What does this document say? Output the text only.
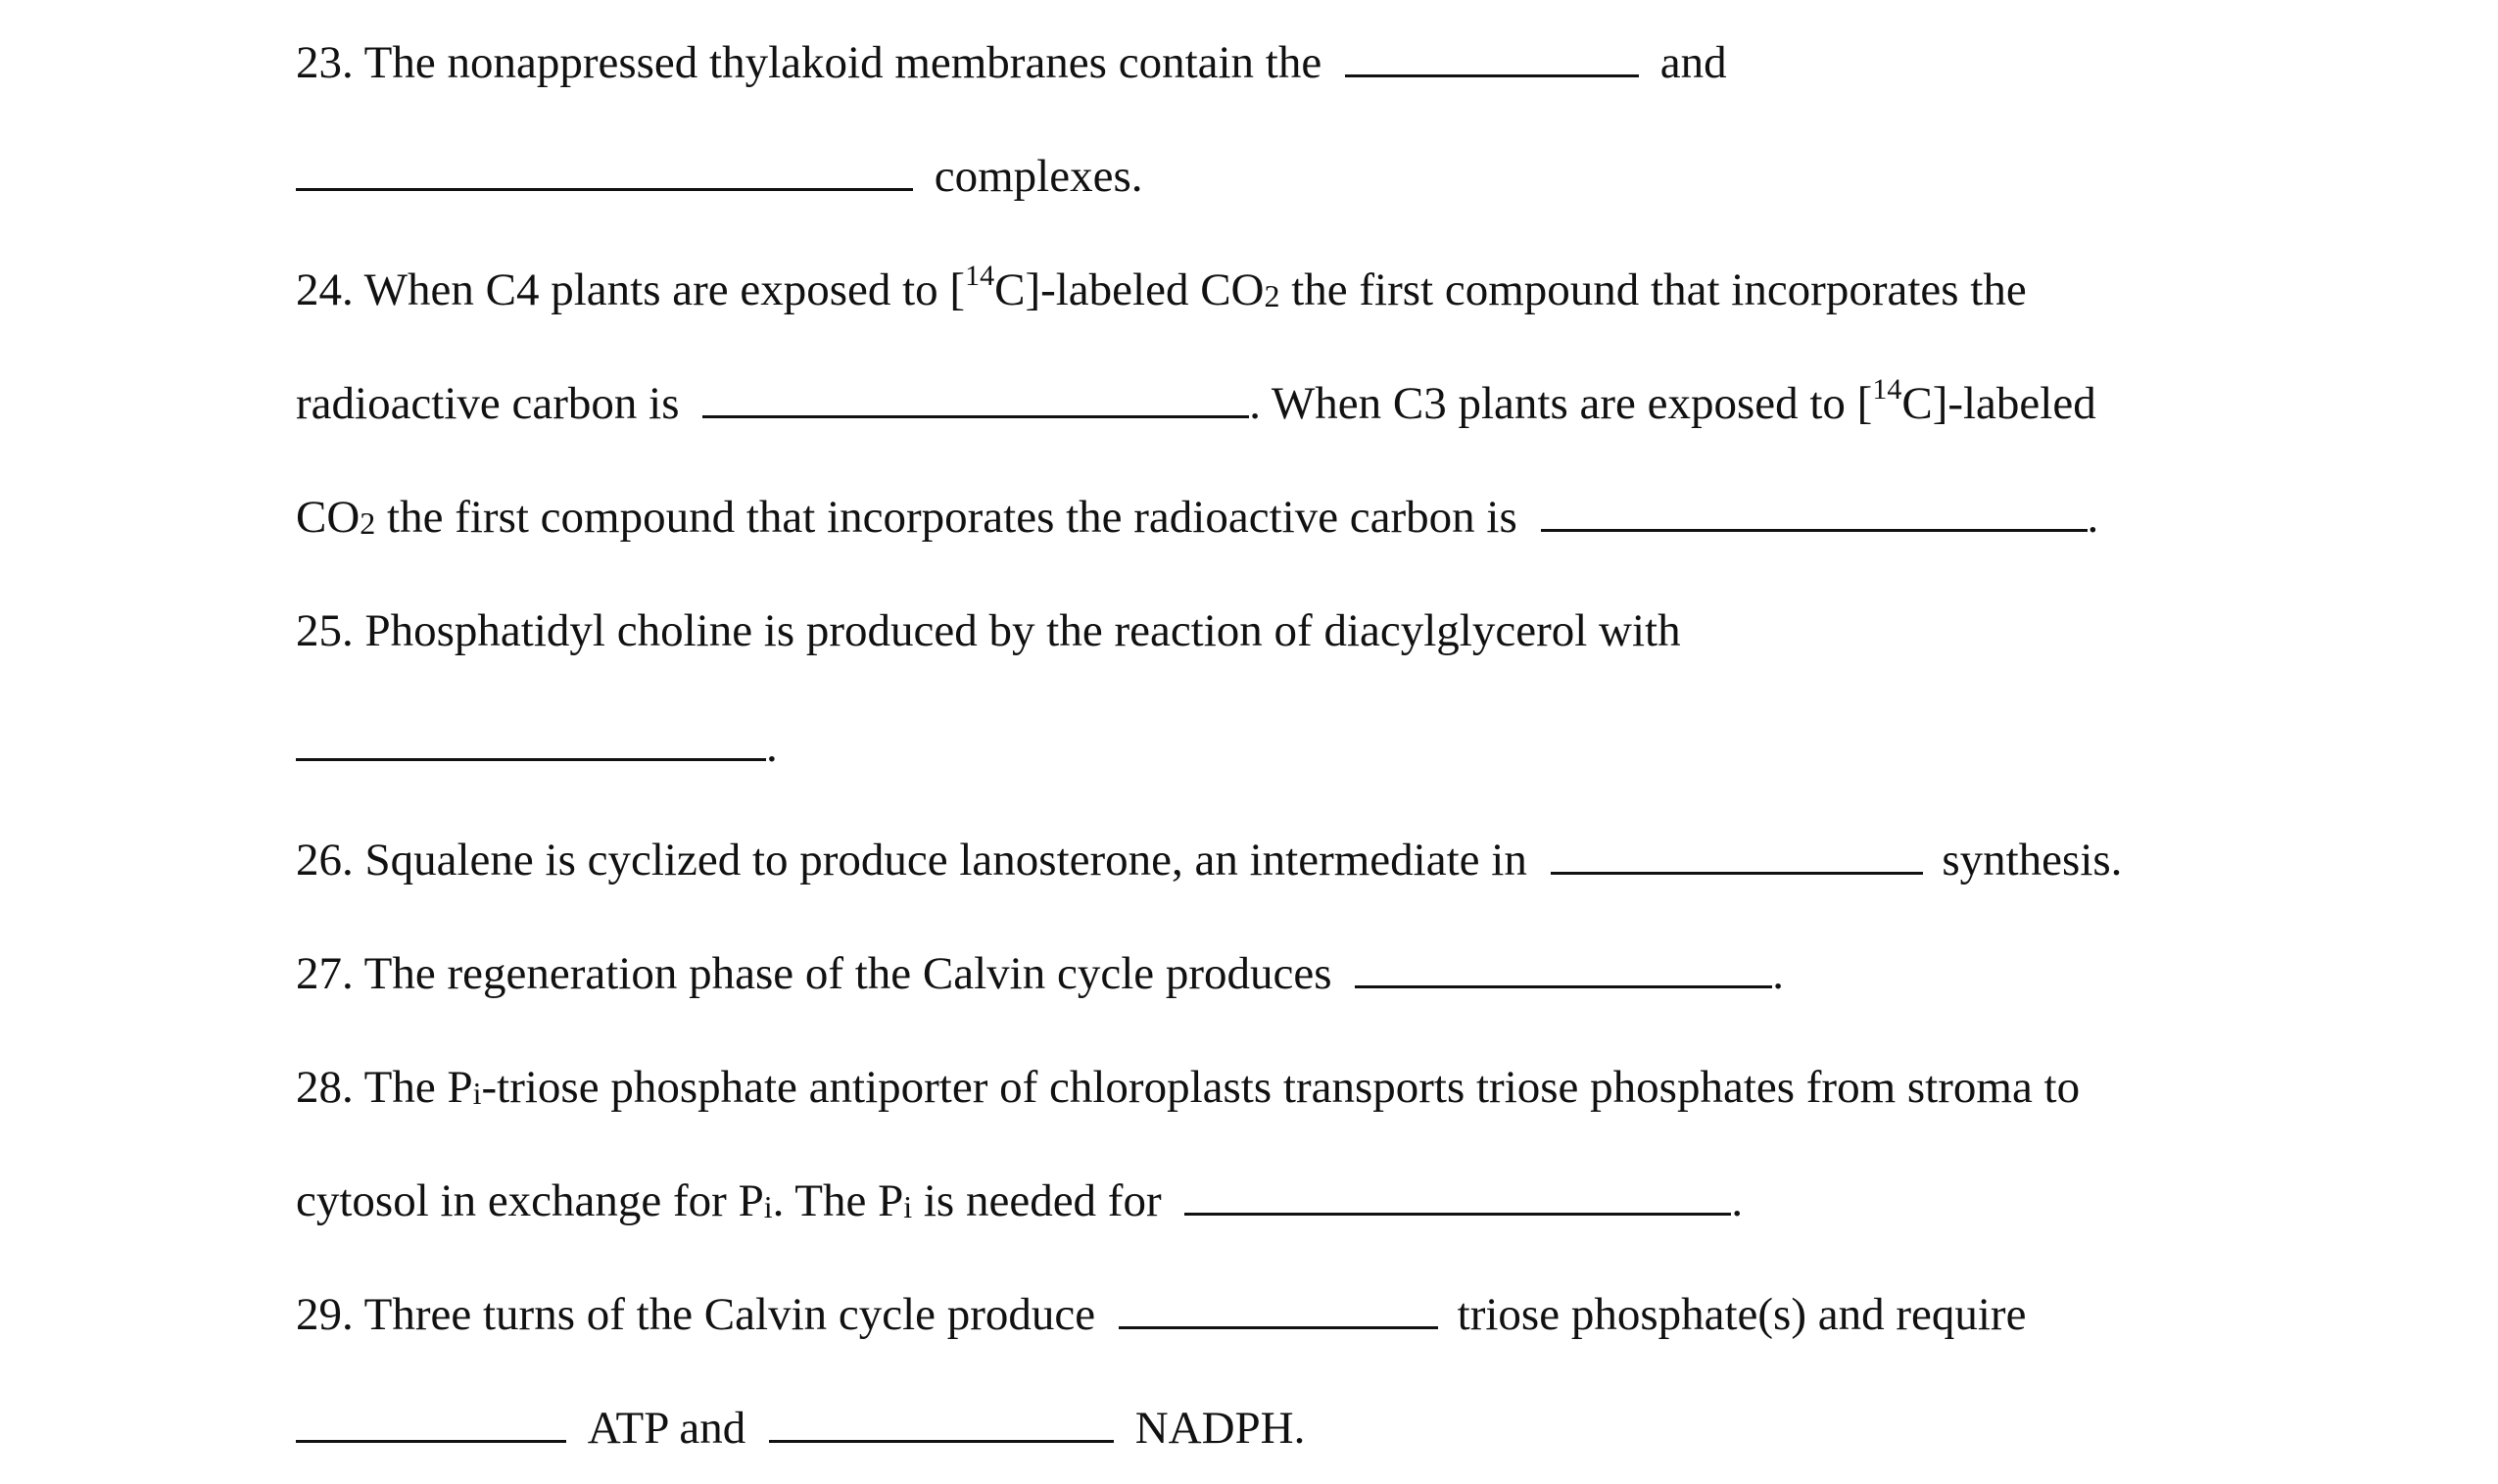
23. The nonappressed thylakoid membranes contain the	and
complexes.
24. When C4 plants are exposed to [$^{14}$C]-labeled $CO_2$ the first compound that incorporates the
radioactive carbon is	. When C3 plants are exposed to [$^{14}$C]-labeled
$CO_2$ the first compound that incorporates the radioactive carbon is	.
25. Phosphatidyl choline is produced by the reaction of diacylglycerol with
.
26. Squalene is cyclized to produce lanosterone, an intermediate in	synthesis.
27. The regeneration phase of the Calvin cycle produces	.
28. The $P_i$-triose phosphate antiporter of chloroplasts transports triose phosphates from stroma to
cytosol in exchange for $P_i$. The $P_i$ is needed for	.
29. Three turns of the Calvin cycle produce	triose phosphate(s) and require
ATP and	NADPH.
